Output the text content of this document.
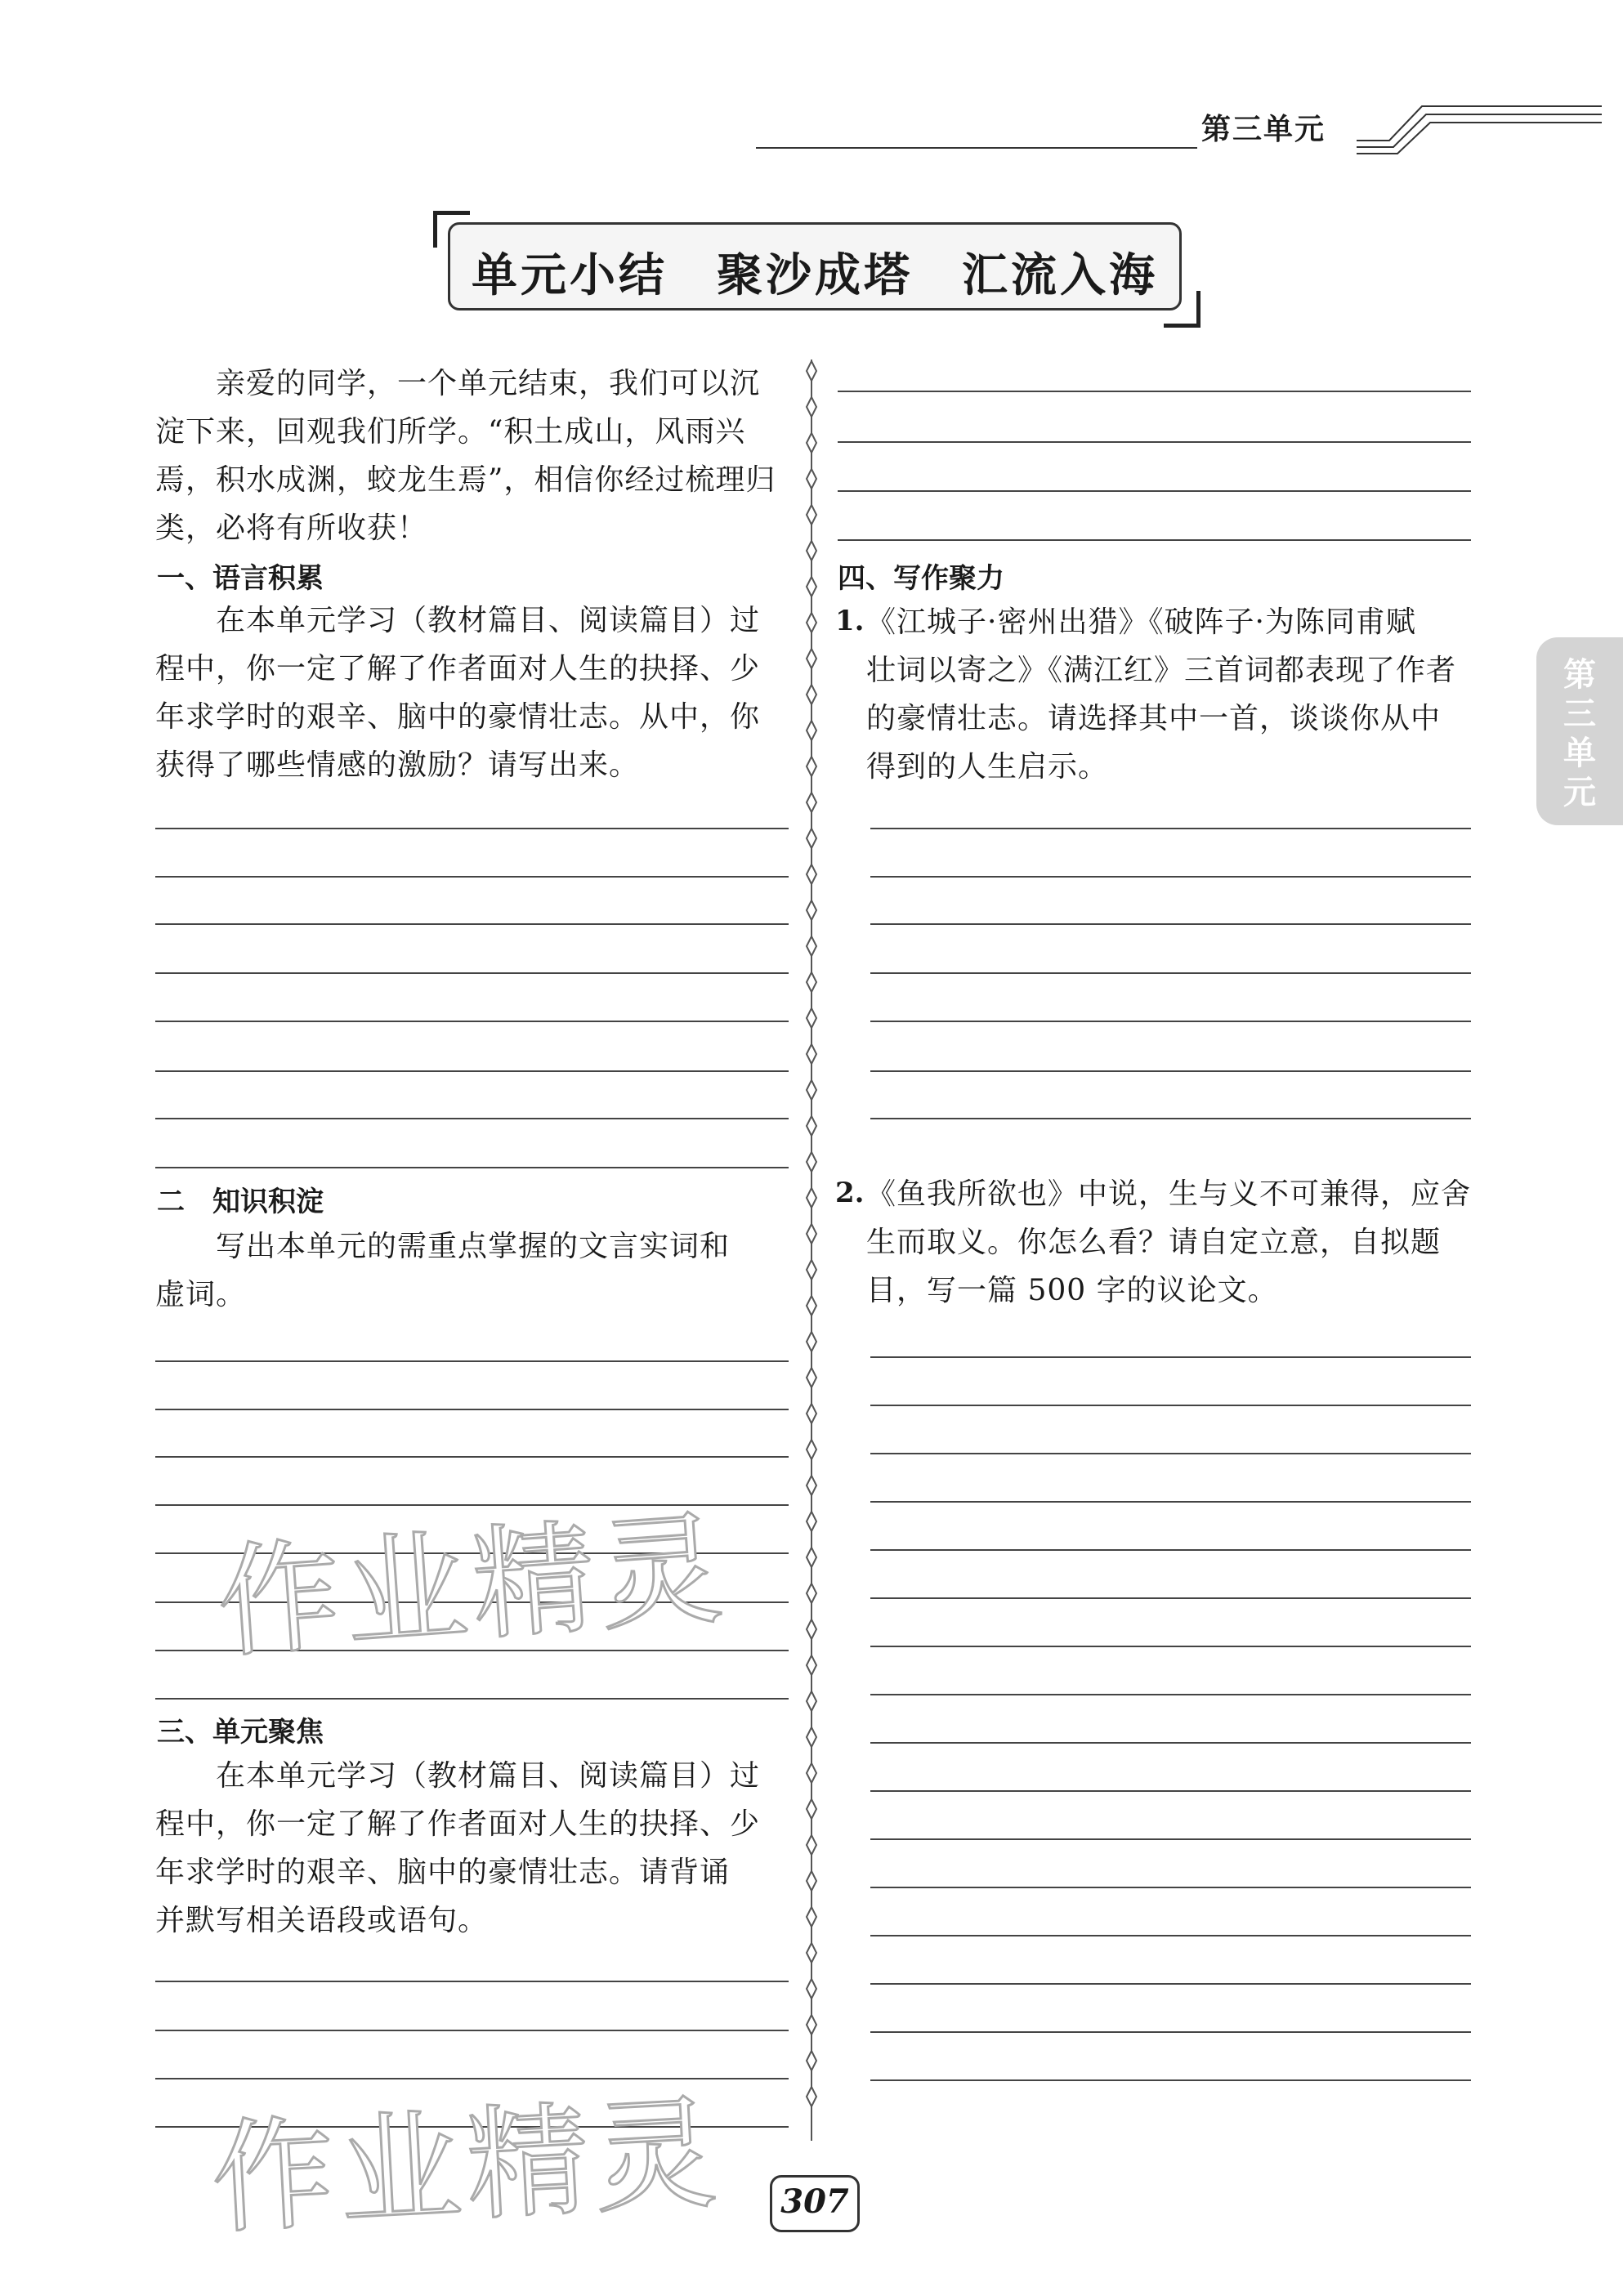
第三单元
单元小结　聚沙成塔　汇流入海
第三单元
亲爱的同学，一个单元结束，我们可以沉
淀下来，回观我们所学。“积土成山，风雨兴
焉，积水成渊，蛟龙生焉”，相信你经过梳理归
类，必将有所收获！
一、语言积累
在本单元学习（教材篇目、阅读篇目）过
程中，你一定了解了作者面对人生的抉择、少
年求学时的艰辛、脑中的豪情壮志。从中，你
获得了哪些情感的激励？请写出来。
二　知识积淀
写出本单元的需重点掌握的文言实词和
虚词。
三、单元聚焦
在本单元学习（教材篇目、阅读篇目）过
程中，你一定了解了作者面对人生的抉择、少
年求学时的艰辛、脑中的豪情壮志。请背诵
并默写相关语段或语句。
四、写作聚力
1. 《江城子·密州出猎》《破阵子·为陈同甫赋
壮词以寄之》《满江红》三首词都表现了作者
的豪情壮志。请选择其中一首，谈谈你从中
得到的人生启示。
2. 《鱼我所欲也》中说，生与义不可兼得，应舍
生而取义。你怎么看？请自定立意，自拟题
目，写一篇 500 字的议论文。
作业精灵
作业精灵 307
